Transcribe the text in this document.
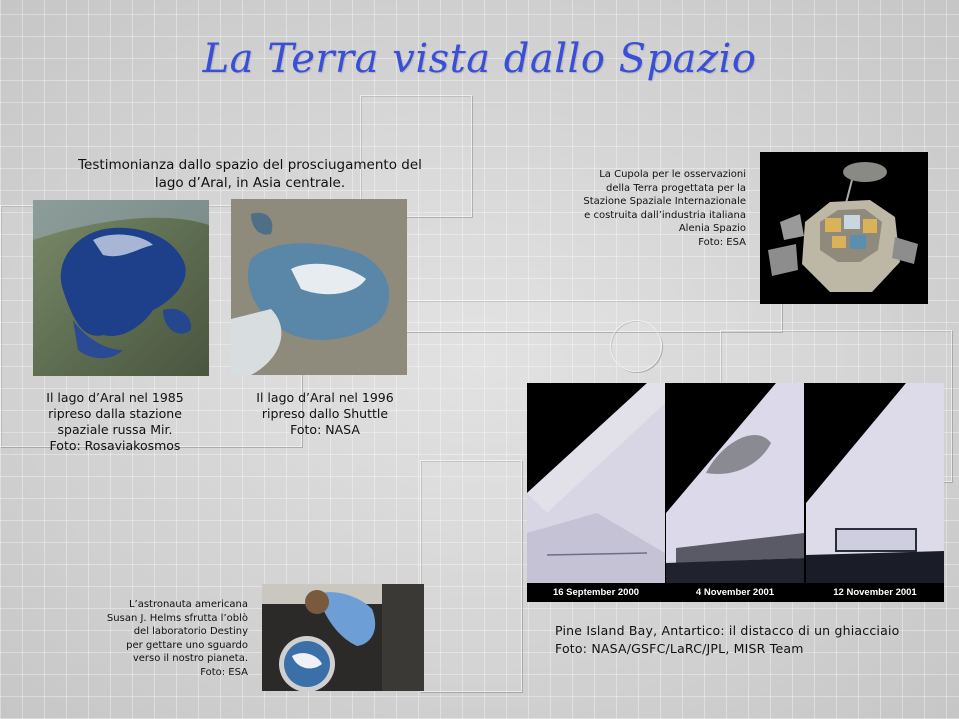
La Terra vista dallo Spazio
Testimonianza dallo spazio del prosciugamento del
lago d’Aral, in Asia centrale.
Il lago d’Aral nel 1985
ripreso dalla stazione
spaziale russa Mir.
Foto: Rosaviakosmos
Il lago d’Aral nel 1996
ripreso dallo Shuttle
Foto: NASA
La Cupola per le osservazioni
della Terra progettata per la
Stazione Spaziale Internazionale
e costruita dall’industria italiana
Alenia Spazio
Foto: ESA
16 September 2000	4 November 2001	12 November 2001
Pine Island Bay, Antartico: il distacco di un ghiacciaio
Foto: NASA/GSFC/LaRC/JPL, MISR Team
L’astronauta americana
Susan J. Helms sfrutta l’oblò
del laboratorio Destiny
per gettare uno sguardo
verso il nostro pianeta.
Foto: ESA
